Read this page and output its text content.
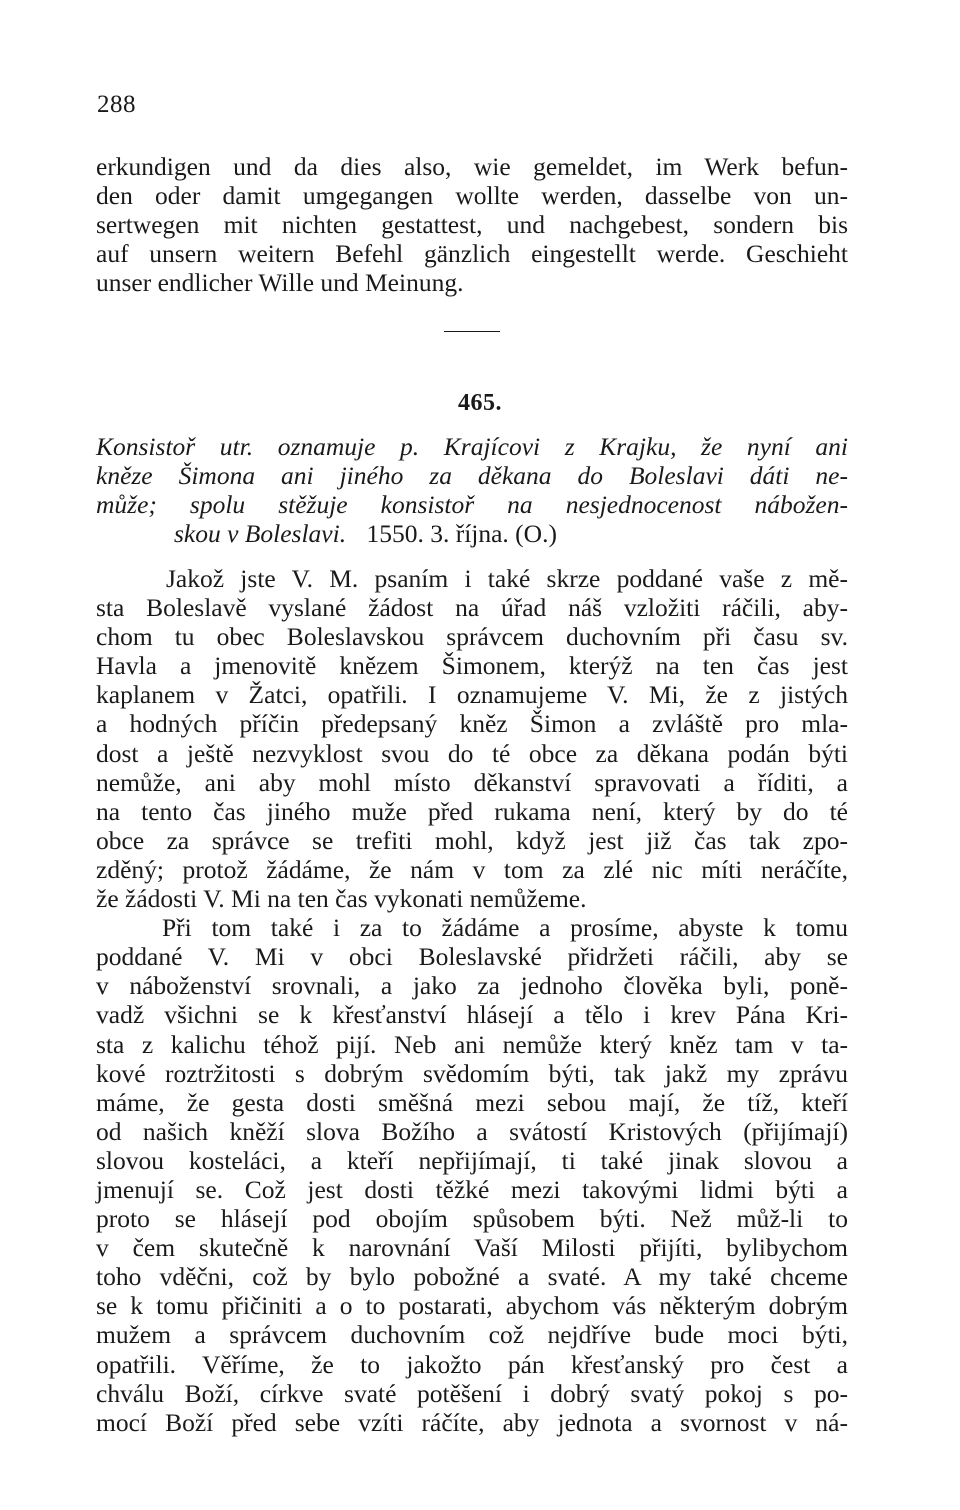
288
erkundigen und da dies also, wie gemeldet, im Werk befun-
den oder damit umgegangen wollte werden, dasselbe von un-
sertwegen mit nichten gestattest, und nachgebest, sondern bis
auf unsern weitern Befehl gänzlich eingestellt werde. Geschieht
unser endlicher Wille und Meinung.
465.
Konsistoř utr. oznamuje p. Krajícovi z Krajku, že nyní ani
kněze Šimona ani jiného za děkana do Boleslavi dáti ne-
může; spolu stěžuje konsistoř na nesjednocenost nábožen-
skou v Boleslavi. 1550. 3. října. (O.)
Jakož jste V. M. psaním i také skrze poddané vaše z mě-
sta Boleslavě vyslané žádost na úřad náš vzložiti ráčili, aby-
chom tu obec Boleslavskou správcem duchovním při času sv.
Havla a jmenovitě knězem Šimonem, kterýž na ten čas jest
kaplanem v Žatci, opatřili. I oznamujeme V. Mi, že z jistých
a hodných příčin předepsaný kněz Šimon a zvláště pro mla-
dost a ještě nezvyklost svou do té obce za děkana podán býti
nemůže, ani aby mohl místo děkanství spravovati a říditi, a
na tento čas jiného muže před rukama není, který by do té
obce za správce se trefiti mohl, když jest již čas tak zpo-
zděný; protož žádáme, že nám v tom za zlé nic míti neráčíte,
že žádosti V. Mi na ten čas vykonati nemůžeme.
Při tom také i za to žádáme a prosíme, abyste k tomu
poddané V. Mi v obci Boleslavské přidržeti ráčili, aby se
v náboženství srovnali, a jako za jednoho člověka byli, poně-
vadž všichni se k křesťanství hlásejí a tělo i krev Pána Kri-
sta z kalichu téhož pijí. Neb ani nemůže který kněz tam v ta-
kové roztržitosti s dobrým svědomím býti, tak jakž my zprávu
máme, že gesta dosti směšná mezi sebou mají, že tíž, kteří
od našich kněží slova Božího a svátostí Kristových (přijímají)
slovou kosteláci, a kteří nepřijímají, ti také jinak slovou a
jmenují se. Což jest dosti těžké mezi takovými lidmi býti a
proto se hlásejí pod obojím spůsobem býti. Než můž-li to
v čem skutečně k narovnání Vaší Milosti přijíti, bylibychom
toho vděčni, což by bylo pobožné a svaté. A my také chceme
se k tomu přičiniti a o to postarati, abychom vás některým dobrým
mužem a správcem duchovním což nejdříve bude moci býti,
opatřili. Věříme, že to jakožto pán křesťanský pro čest a
chválu Boží, církve svaté potěšení i dobrý svatý pokoj s po-
mocí Boží před sebe vzíti ráčíte, aby jednota a svornost v ná-
